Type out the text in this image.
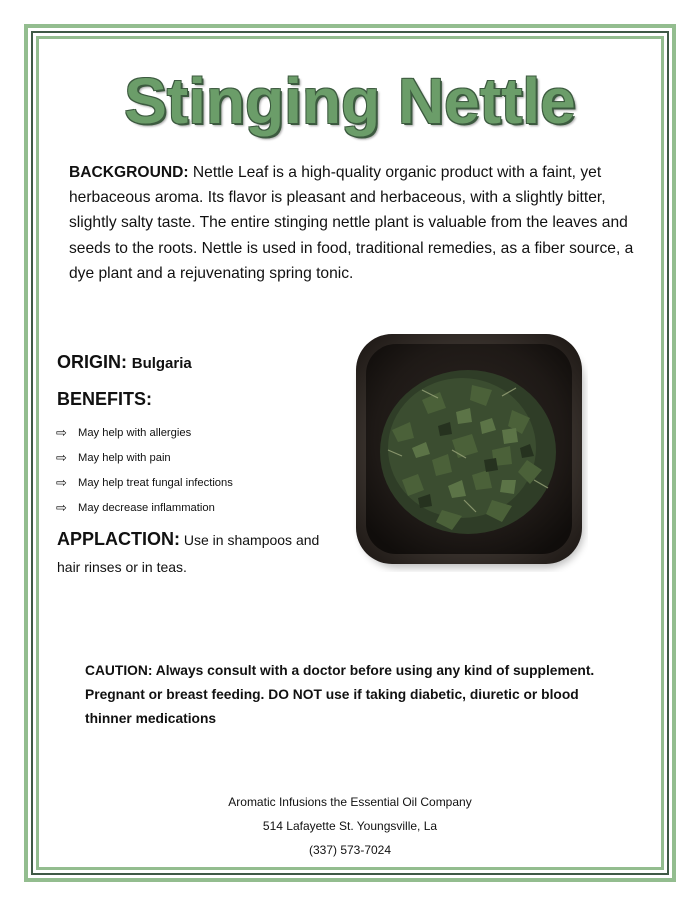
Stinging Nettle
BACKGROUND: Nettle Leaf is a high-quality organic product with a faint, yet herbaceous aroma. Its flavor is pleasant and herbaceous, with a slightly bitter, slightly salty taste. The entire stinging nettle plant is valuable from the leaves and seeds to the roots. Nettle is used in food, traditional remedies, as a fiber source, a dye plant and a rejuvenating spring tonic.
ORIGIN: Bulgaria
BENEFITS:
⇨ May help with allergies
⇨ May help with pain
⇨ May help treat fungal infections
⇨ May decrease inflammation
APPLACTION: Use in shampoos and hair rinses or in teas.
CAUTION: Always consult with a doctor before using any kind of supplement. Pregnant or breast feeding. DO NOT use if taking diabetic, diuretic or blood thinner medications
Aromatic Infusions the Essential Oil Company
514 Lafayette St. Youngsville, La
(337) 573-7024
